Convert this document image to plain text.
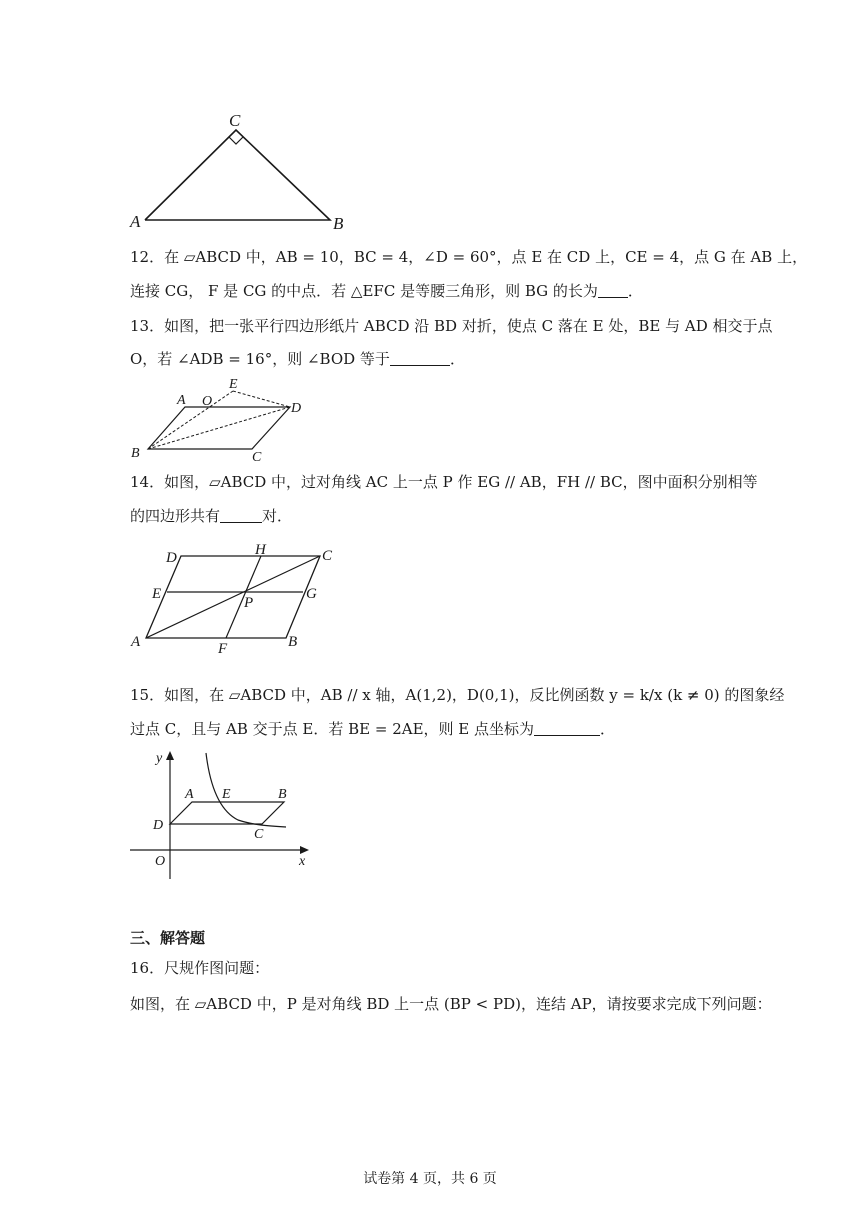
C
A	B
12．在 ▱ABCD 中，AB = 10，BC = 4，∠D = 60°，点 E 在 CD 上，CE = 4，点 G 在 AB 上，
连接 CG， F 是 CG 的中点．若 △EFC 是等腰三角形，则 BG 的长为 ．
13．如图，把一张平行四边形纸片 ABCD 沿 BD 对折，使点 C 落在 E 处，BE 与 AD 相交于点
O，若 ∠ADB = 16°，则 ∠BOD 等于	．
E
A O	D
B	C
14．如图，▱ABCD 中，过对角线 AC 上一点 P 作 EG // AB，FH // BC，图中面积分别相等
的四边形共有	对．
D	H	C
E
P
G
A	F	B
15．如图，在 ▱ABCD 中，AB // x 轴，A(1,2)，D(0,1)，反比例函数 y = k/x (k ≠ 0) 的图象经
过点 C，且与 AB 交于点 E．若 BE = 2AE，则 E 点坐标为	．
y
x
O
A E	B
D
C
三、解答题
16．尺规作图问题：
如图，在 ▱ABCD 中，P 是对角线 BD 上一点 (BP < PD)，连结 AP，请按要求完成下列问题：
试卷第 4 页，共 6 页
